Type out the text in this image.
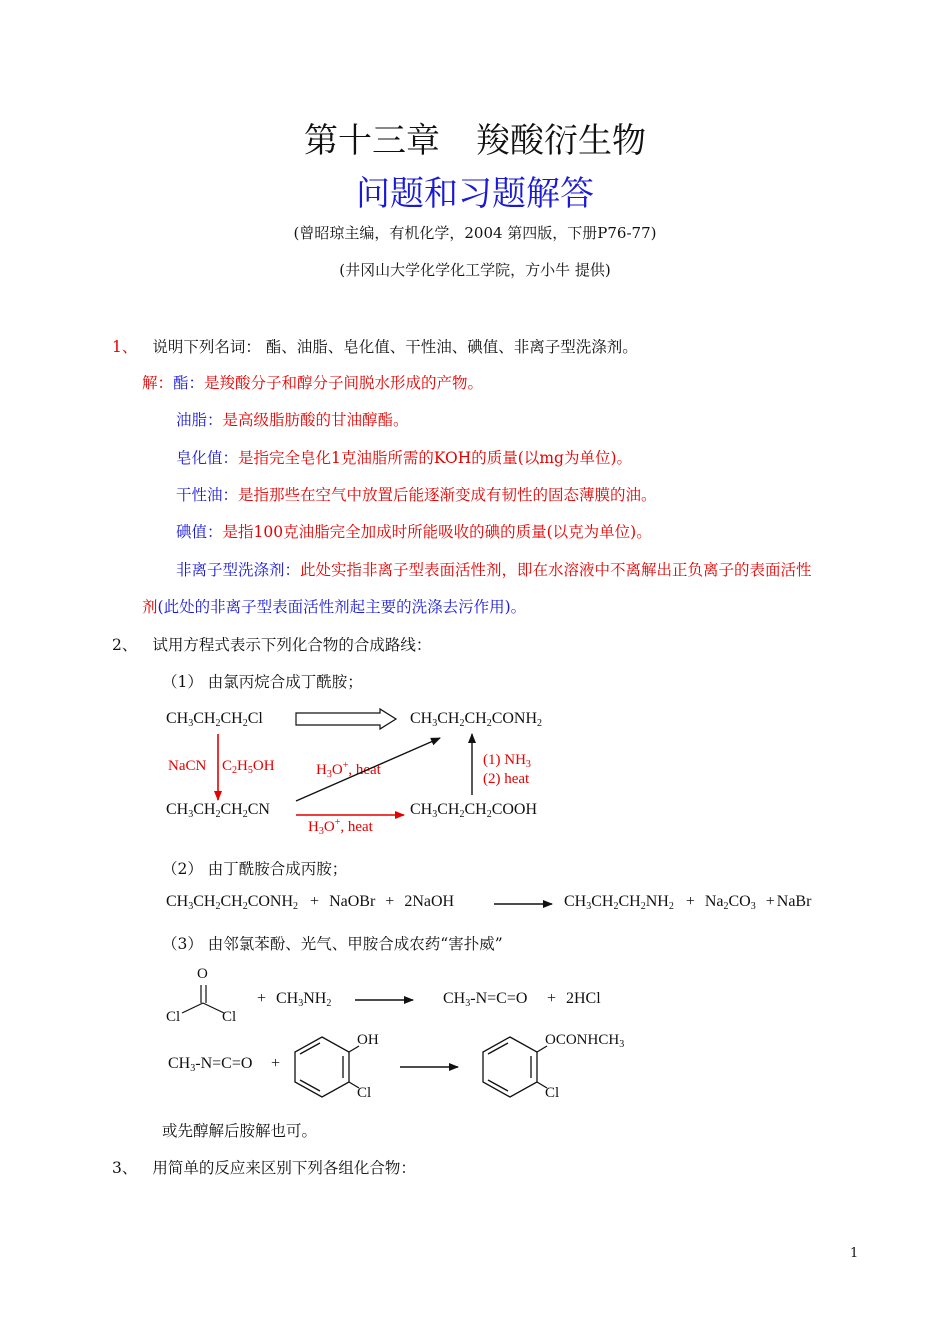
第十三章 羧酸衍生物
问题和习题解答
(曾昭琼主编，有机化学，2004 第四版，下册P76-77)
(井冈山大学化学化工学院，方小牛 提供)
1、 说明下列名词： 酯、油脂、皂化值、干性油、碘值、非离子型洗涤剂。
解：酯：是羧酸分子和醇分子间脱水形成的产物。
油脂：是高级脂肪酸的甘油醇酯。
皂化值：是指完全皂化1克油脂所需的KOH的质量(以mg为单位)。
干性油：是指那些在空气中放置后能逐渐变成有韧性的固态薄膜的油。
碘值：是指100克油脂完全加成时所能吸收的碘的质量(以克为单位)。
非离子型洗涤剂：此处实指非离子型表面活性剂，即在水溶液中不离解出正负离子的表面活性
剂(此处的非离子型表面活性剂起主要的洗涤去污作用)。
2、 试用方程式表示下列化合物的合成路线：
（1） 由氯丙烷合成丁酰胺；
$CH_3CH_2CH_2Cl$	$CH_3CH_2CH_2CONH_2$
$CH_3CH_2CH_2CN$	$CH_3CH_2CH_2COOH$
NaCN $C_2H_5OH$	$H_3O^+$, heat
$H_3O^+$, heat
(1) $NH_3$
(2) heat
（2） 由丁酰胺合成丙胺；
$CH_3CH_2CH_2CONH_2$ + NaOBr + 2NaOH	$CH_3CH_2CH_2NH_2 + Na_2CO_3$ + NaBr
（3） 由邻氯苯酚、光气、甲胺合成农药“害扑威”
O
Cl	Cl
+ $CH_3NH_2$	$CH_3-N=C=O + 2HCl$
$CH_3-N=C=O$ +
OH
Cl
$OCONHCH_3$
Cl
或先醇解后胺解也可。
3、 用简单的反应来区别下列各组化合物：
1
